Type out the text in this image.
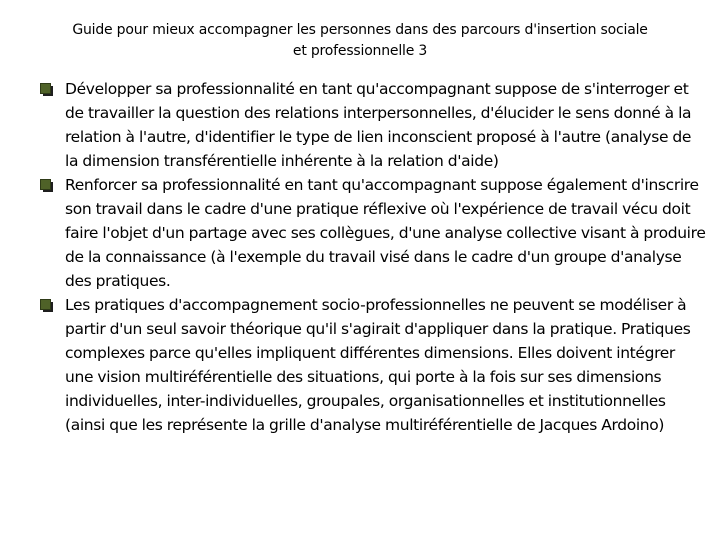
Guide pour mieux accompagner les personnes dans des parcours d'insertion sociale
et professionnelle 3
Développer sa professionnalité en tant qu'accompagnant suppose de s'interroger et de travailler la question des relations interpersonnelles, d'élucider le sens donné à la relation à l'autre, d'identifier le type de lien inconscient proposé à l'autre (analyse de la dimension transférentielle inhérente à la relation d'aide)
Renforcer sa professionnalité en tant qu'accompagnant suppose également d'inscrire son travail dans le cadre d'une pratique réflexive où l'expérience de travail vécu doit faire l'objet d'un partage avec ses collègues, d'une analyse collective visant à produire de la connaissance (à l'exemple du travail visé dans le cadre d'un groupe d'analyse des pratiques.
Les pratiques d'accompagnement socio-professionnelles ne peuvent se modéliser à partir d'un seul savoir théorique qu'il s'agirait d'appliquer dans la pratique. Pratiques complexes parce qu'elles impliquent différentes dimensions. Elles doivent intégrer une vision multiréférentielle des situations, qui porte à la fois sur ses dimensions individuelles, inter-individuelles, groupales, organisationnelles et institutionnelles (ainsi que les représente la grille d'analyse multiréférentielle de Jacques Ardoino)
